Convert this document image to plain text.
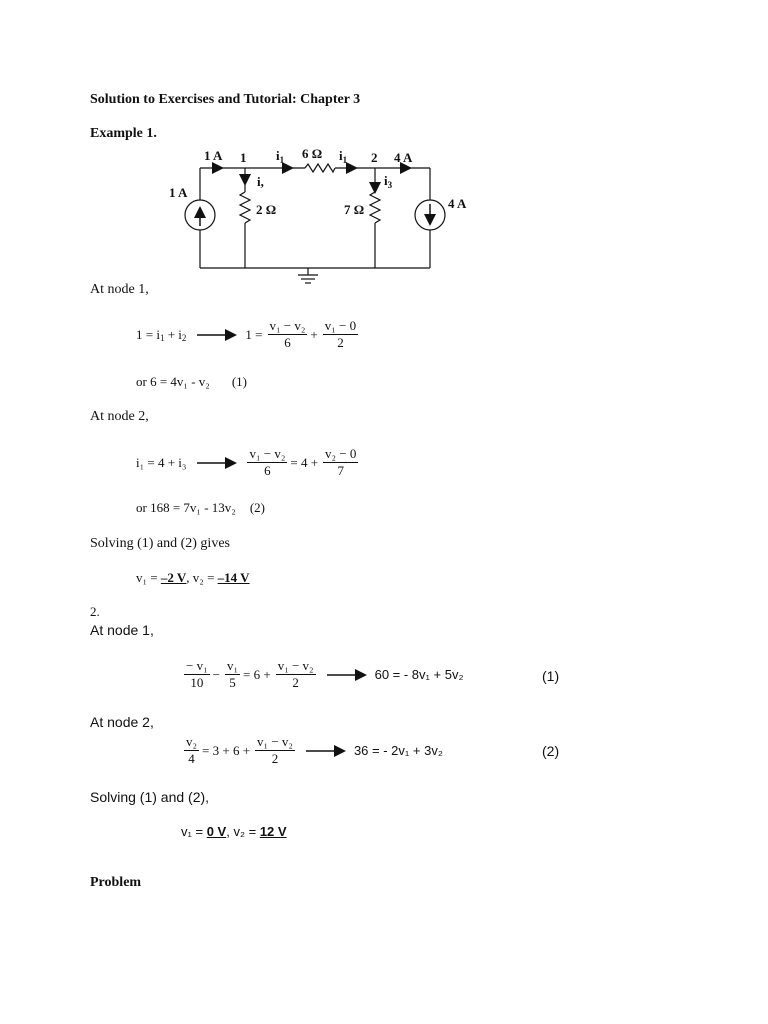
Solution to Exercises and Tutorial: Chapter 3
Example 1.
1 A
1 A 1 $i_1$ 6 Ω $i_1$ 2 4 A
i,
2 Ω	7 Ω
$i_3$
4 A
At node 1,
$1 = i_1 + i_2$	$1 = \frac{\text{v₁ − v₂}}{6} + \frac{\text{v₁ − 0}}{2}$
or 6 = 4v₁ - v₂ (1)
At node 2,
i₁ = 4 + i₃	$\frac{\text{v₁ − v₂}}{6} = 4 + \frac{\text{v₂ − 0}}{7}$
or 168 = 7v₁ - 13v₂ (2)
Solving (1) and (2) gives
v₁ = –2 V, v₂ = –14 V
2.
At node 1,
$\frac{\text{− v₁}}{10} - \frac{\text{v₁}}{5} = 6 + \frac{\text{v₁ − v₂}}{2}$	60 = - 8v₁ + 5v₂	(1)
At node 2,
$\frac{\text{v₂}}{4} = 3 + 6 + \frac{\text{v₁ − v₂}}{2}$	36 = - 2v₁ + 3v₂	(2)
Solving (1) and (2),
v₁ = 0 V, v₂ = 12 V
Problem
